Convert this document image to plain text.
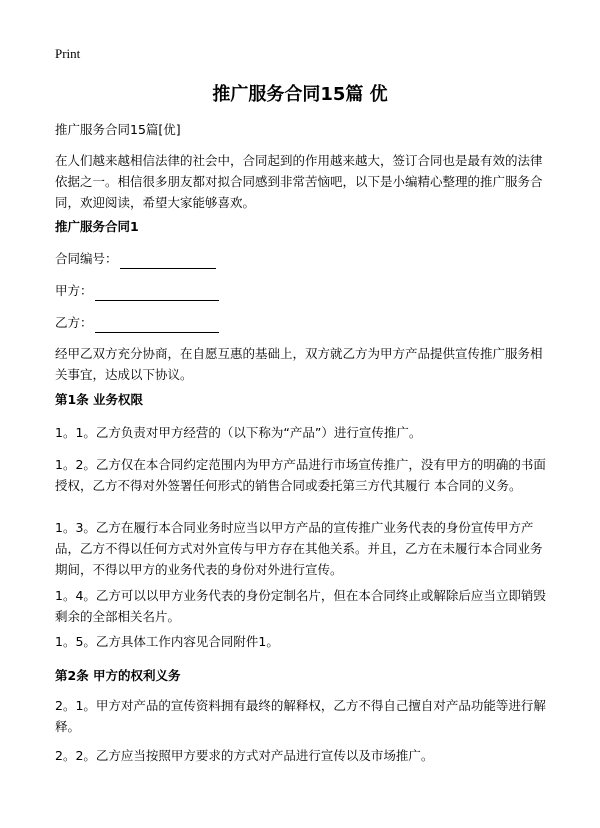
Print
推广服务合同15篇 优
推广服务合同15篇[优]
在人们越来越相信法律的社会中，合同起到的作用越来越大，签订合同也是最有效的法律依据之一。相信很多朋友都对拟合同感到非常苦恼吧，以下是小编精心整理的推广服务合同，欢迎阅读，希望大家能够喜欢。
推广服务合同1
合同编号：
甲方：
乙方：
经甲乙双方充分协商，在自愿互惠的基础上，双方就乙方为甲方产品提供宣传推广服务相关事宜，达成以下协议。
第1条 业务权限
1。1。乙方负责对甲方经营的（以下称为“产品”）进行宣传推广。
1。2。乙方仅在本合同约定范围内为甲方产品进行市场宣传推广，没有甲方的明确的书面授权，乙方不得对外签署任何形式的销售合同或委托第三方代其履行 本合同的义务。
1。3。乙方在履行本合同业务时应当以甲方产品的宣传推广业务代表的身份宣传甲方产品，乙方不得以任何方式对外宣传与甲方存在其他关系。并且，乙方在未履行本合同业务期间，不得以甲方的业务代表的身份对外进行宣传。
1。4。乙方可以以甲方业务代表的身份定制名片，但在本合同终止或解除后应当立即销毁剩余的全部相关名片。
1。5。乙方具体工作内容见合同附件1。
第2条 甲方的权利义务
2。1。甲方对产品的宣传资料拥有最终的解释权，乙方不得自己擅自对产品功能等进行解释。
2。2。乙方应当按照甲方要求的方式对产品进行宣传以及市场推广。
